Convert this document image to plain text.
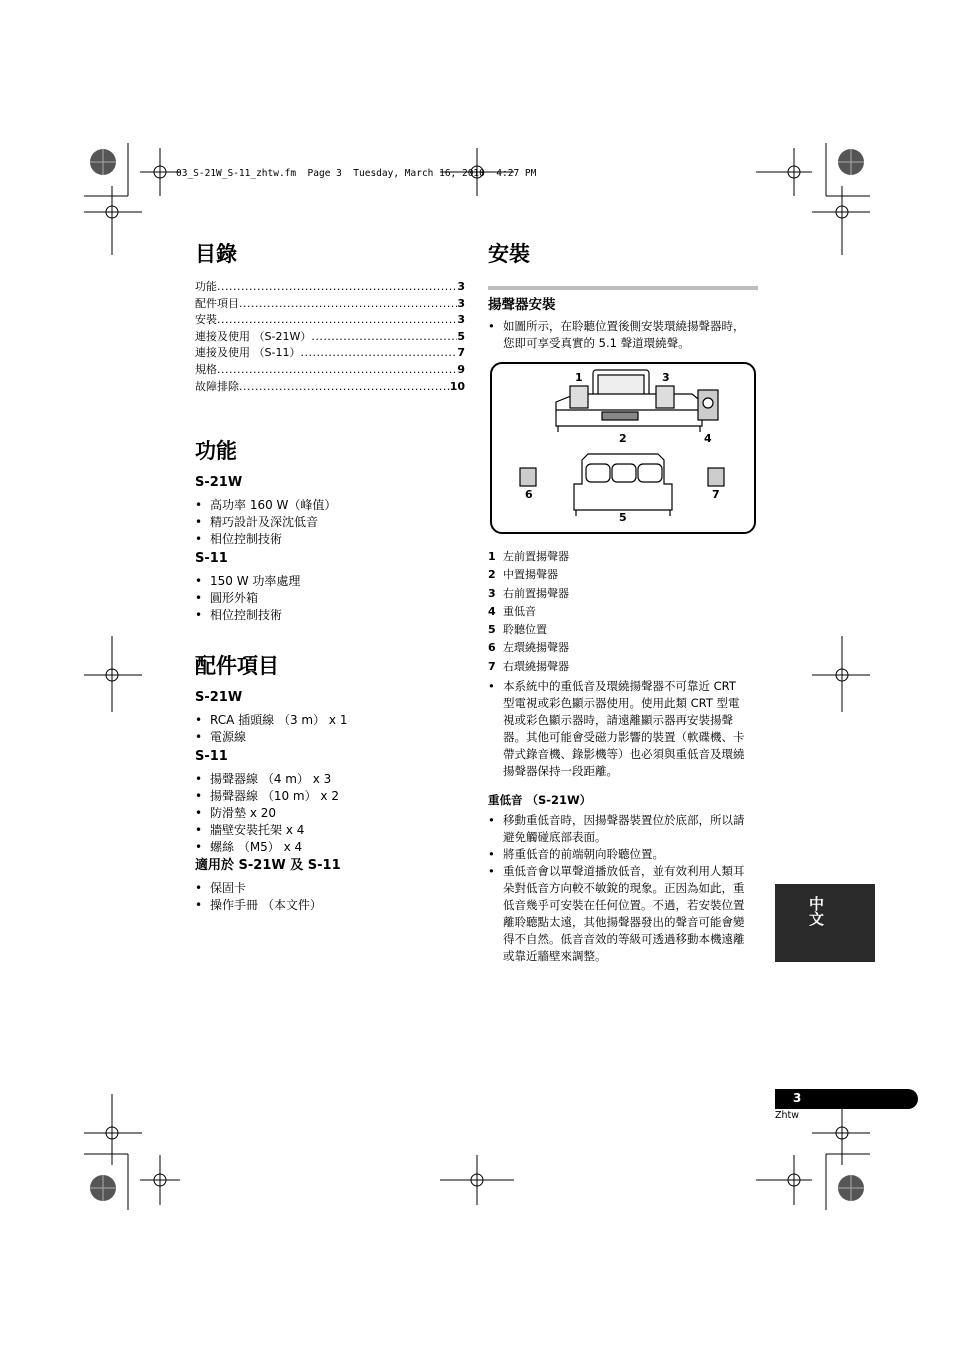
03_S-21W_S-11_zhtw.fm  Page 3  Tuesday, March 16, 2010  4:27 PM
目錄
功能 .....	3
配件項目 .....	3
安裝 .....	3
連接及使用 （S-21W） .....	5
連接及使用 （S-11） .....	7
規格 .....	9
故障排除 .....	10
功能
S-21W
• 高功率 160 W（峰值）
• 精巧設計及深沈低音
• 相位控制技術
S-11
• 150 W 功率處理
• 圓形外箱
• 相位控制技術
配件項目
S-21W
• RCA 插頭線 （3 m） x 1
• 電源線
S-11
• 揚聲器線 （4 m） x 3
• 揚聲器線 （10 m） x 2
• 防滑墊 x 20
• 牆壁安裝托架 x 4
• 螺絲 （M5） x 4
適用於 S-21W 及 S-11
• 保固卡
• 操作手冊 （本文件）
安裝
揚聲器安裝
• 如圖所示，在聆聽位置後側安裝環繞揚聲器時，您即可享受真實的 5.1 聲道環繞聲。
1	3
2	4
6	7
5
1 左前置揚聲器
2 中置揚聲器
3 右前置揚聲器
4 重低音
5 聆聽位置
6 左環繞揚聲器
7 右環繞揚聲器
• 本系統中的重低音及環繞揚聲器不可靠近 CRT 型電視或彩色顯示器使用。使用此類 CRT 型電視或彩色顯示器時，請遠離顯示器再安裝揚聲器。其他可能會受磁力影響的裝置（軟碟機、卡帶式錄音機、錄影機等）也必須與重低音及環繞揚聲器保持一段距離。
重低音 （S-21W）
• 移動重低音時，因揚聲器裝置位於底部，所以請避免觸碰底部表面。
• 將重低音的前端朝向聆聽位置。
• 重低音會以單聲道播放低音，並有效利用人類耳朵對低音方向較不敏銳的現象。正因為如此，重低音幾乎可安裝在任何位置。不過，若安裝位置離聆聽點太遠，其他揚聲器發出的聲音可能會變得不自然。低音音效的等級可透過移動本機遠離或靠近牆壁來調整。
中文
3
Zhtw
